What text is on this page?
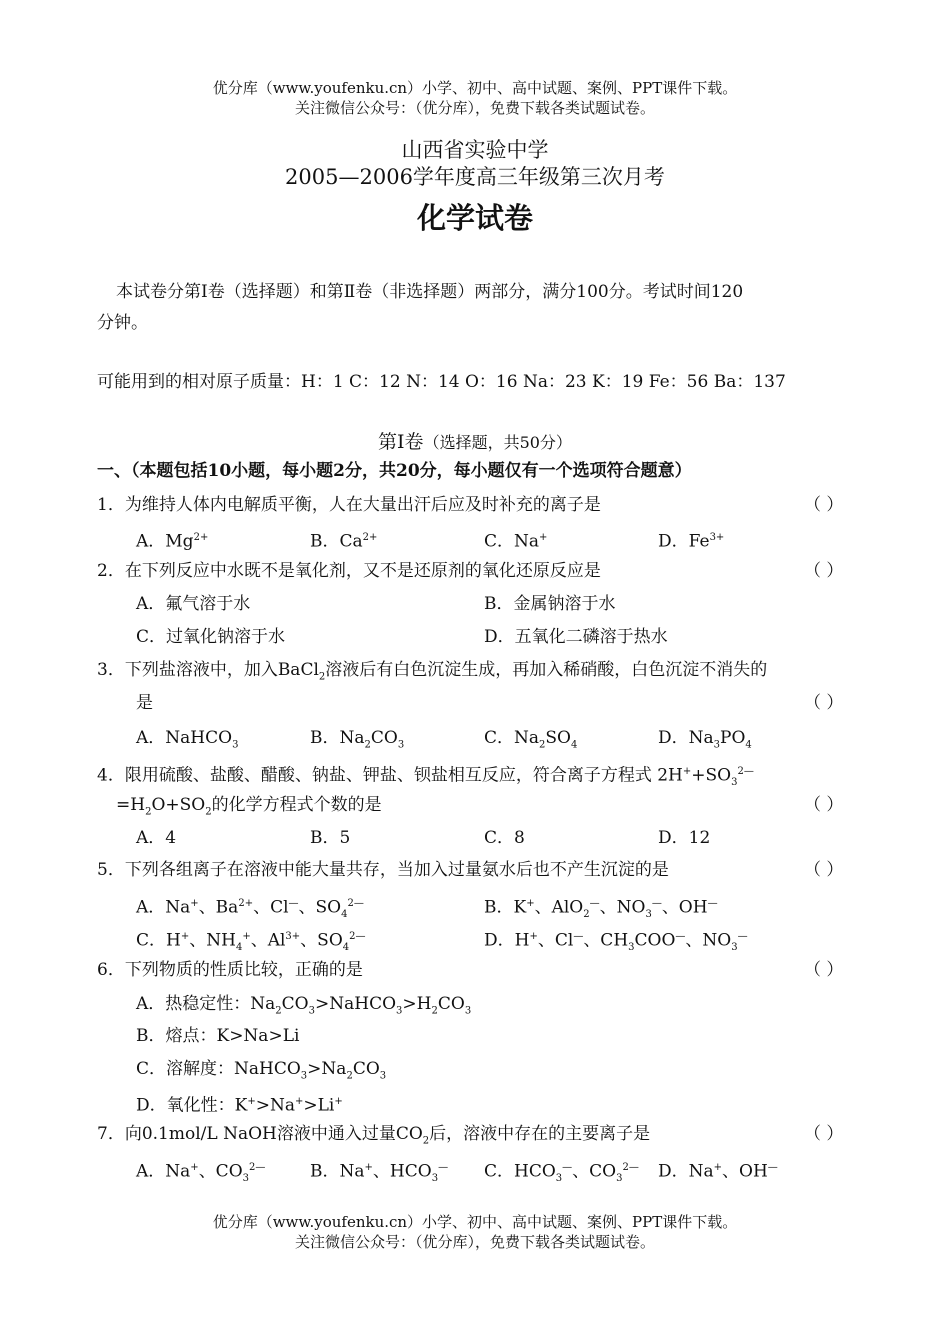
优分库（www.youfenku.cn）小学、初中、高中试题、案例、PPT课件下载。
关注微信公众号：（优分库），免费下载各类试题试卷。
山西省实验中学
2005—2006学年度高三年级第三次月考
化学试卷
本试卷分第Ⅰ卷（选择题）和第Ⅱ卷（非选择题）两部分，满分100分。考试时间120
分钟。
可能用到的相对原子质量：H：1 C：12 N：14 O：16 Na：23 K：19 Fe：56 Ba：137
第Ⅰ卷（选择题，共50分）
一、（本题包括10小题，每小题2分，共20分，每小题仅有一个选项符合题意）
1．为维持人体内电解质平衡，人在大量出汗后应及时补充的离子是	（ ）
A．$Mg^{2+}$	B．$Ca^{2+}$	C．Na+	D．$Fe^{3+}$
2．在下列反应中水既不是氧化剂，又不是还原剂的氧化还原反应是	（ ）
A．氟气溶于水	B．金属钠溶于水
C．过氧化钠溶于水	D．五氧化二磷溶于热水
3．下列盐溶液中，加入BaCl$_2$溶液后有白色沉淀生成，再加入稀硝酸，白色沉淀不消失的
是	（ ）
A．NaHCO$_3$	B．$Na_2CO_3$	C．$Na_2SO_4$	D．$Na_3PO_4$
4．限用硫酸、盐酸、醋酸、钠盐、钾盐、钡盐相互反应，符合离子方程式 $2H^++SO_3^{2—}$
$=H_2O+SO_2$的化学方程式个数的是	（ ）
A．4	B．5	C．8	D．12
5．下列各组离子在溶液中能大量共存，当加入过量氨水后也不产生沉淀的是	（ ）
A．Na+、$Ba^{2+}$、Cl—、$SO_4^{2—}$	B．K+、AlO$_2$—、$NO_3^—$、OH—
C．H+、$NH_4^+$、$Al^{3+}$、$SO_4^{2—}$	D．H+、Cl—、$CH_3COO^—$、$NO_3^—$
6．下列物质的性质比较，正确的是	（ ）
A．热稳定性：$Na_2CO_3>NaHCO_3>H_2CO_3$
B．熔点：K>Na>Li
C．溶解度：$NaHCO_3>Na_2CO_3$
D．氧化性：K+>Na+>Li+
7．向0.1mol/L NaOH溶液中通入过量$CO_2$后，溶液中存在的主要离子是	（ ）
A．Na+、$CO_3^{2—}$	B．Na+、$HCO_3^—$ C．$HCO_3^—$、$CO_3^{2—}$ D．Na+、OH—
优分库（www.youfenku.cn）小学、初中、高中试题、案例、PPT课件下载。
关注微信公众号：（优分库），免费下载各类试题试卷。
